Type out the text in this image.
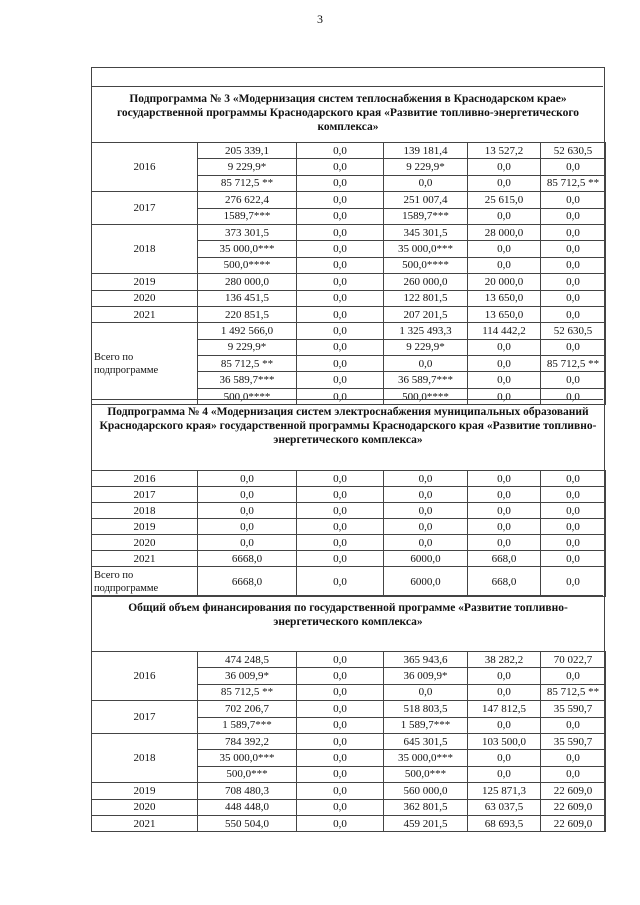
3
Подпрограмма № 3 «Модернизация систем теплоснабжения в Краснодарском крае» государственной программы Краснодарского края «Развитие топливно-энергетического комплекса»
2016	205 339,1	0,0	139 181,4	13 527,2	52 630,5
	9 229,9*	0,0	9 229,9*	0,0	0,0
	85 712,5 **	0,0	0,0	0,0	85 712,5 **
2017	276 622,4	0,0	251 007,4	25 615,0	0,0
	1589,7***	0,0	1589,7***	0,0	0,0
2018	373 301,5	0,0	345 301,5	28 000,0	0,0
	35 000,0***	0,0	35 000,0***	0,0	0,0
	500,0****	0,0	500,0****	0,0	0,0
2019	280 000,0	0,0	260 000,0	20 000,0	0,0
2020	136 451,5	0,0	122 801,5	13 650,0	0,0
2021	220 851,5	0,0	207 201,5	13 650,0	0,0
Всего по подпрограмме	1 492 566,0	0,0	1 325 493,3	114 442,2	52 630,5
	9 229,9*	0,0	9 229,9*	0,0	0,0
	85 712,5 **	0,0	0,0	0,0	85 712,5 **
	36 589,7***	0,0	36 589,7***	0,0	0,0
	500,0****	0,0	500,0****	0,0	0,0
Подпрограмма № 4 «Модернизация систем электроснабжения муниципальных образований Краснодарского края» государственной программы Краснодарского края «Развитие топливно-энергетического комплекса»
2016	0,0	0,0	0,0	0,0	0,0
2017	0,0	0,0	0,0	0,0	0,0
2018	0,0	0,0	0,0	0,0	0,0
2019	0,0	0,0	0,0	0,0	0,0
2020	0,0	0,0	0,0	0,0	0,0
2021	6668,0	0,0	6000,0	668,0	0,0
Всего по подпрограмме	6668,0	0,0	6000,0	668,0	0,0
Общий объем финансирования по государственной программе «Развитие топливно-энергетического комплекса»
2016	474 248,5	0,0	365 943,6	38 282,2	70 022,7
	36 009,9*	0,0	36 009,9*	0,0	0,0
	85 712,5 **	0,0	0,0	0,0	85 712,5 **
2017	702 206,7	0,0	518 803,5	147 812,5	35 590,7
	1 589,7***	0,0	1 589,7***	0,0	0,0
2018	784 392,2	0,0	645 301,5	103 500,0	35 590,7
	35 000,0***	0,0	35 000,0***	0,0	0,0
	500,0***	0,0	500,0***	0,0	0,0
2019	708 480,3	0,0	560 000,0	125 871,3	22 609,0
2020	448 448,0	0,0	362 801,5	63 037,5	22 609,0
2021	550 504,0	0,0	459 201,5	68 693,5	22 609,0
